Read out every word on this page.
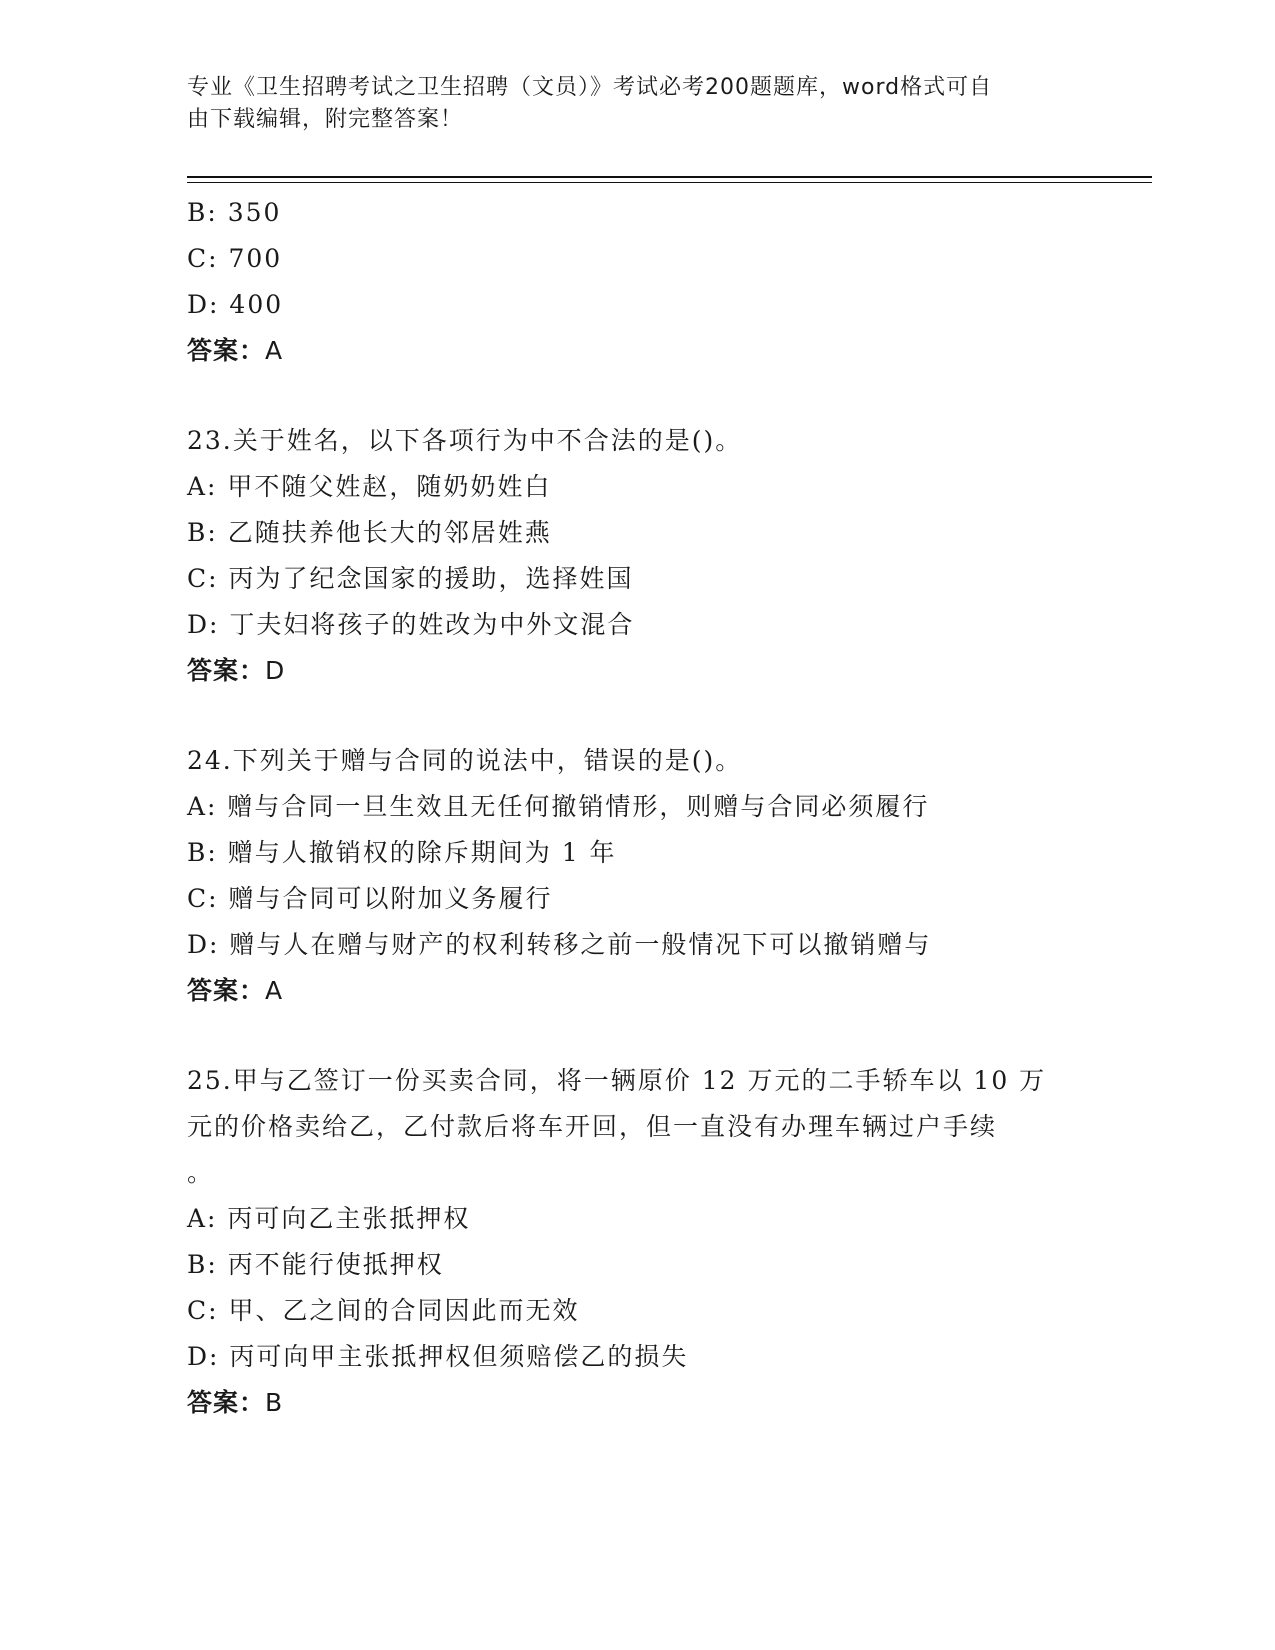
专业《卫生招聘考试之卫生招聘（文员）》考试必考200题题库，word格式可自
由下载编辑，附完整答案！
B: 350
C: 700
D: 400
答案：A
23.关于姓名，以下各项行为中不合法的是()。
A: 甲不随父姓赵，随奶奶姓白
B: 乙随扶养他长大的邻居姓燕
C: 丙为了纪念国家的援助，选择姓国
D: 丁夫妇将孩子的姓改为中外文混合
答案：D
24.下列关于赠与合同的说法中，错误的是()。
A: 赠与合同一旦生效且无任何撤销情形，则赠与合同必须履行
B: 赠与人撤销权的除斥期间为 1 年
C: 赠与合同可以附加义务履行
D: 赠与人在赠与财产的权利转移之前一般情况下可以撤销赠与
答案：A
25.甲与乙签订一份买卖合同，将一辆原价 12 万元的二手轿车以 10 万
元的价格卖给乙，乙付款后将车开回，但一直没有办理车辆过户手续
。
A: 丙可向乙主张抵押权
B: 丙不能行使抵押权
C: 甲、乙之间的合同因此而无效
D: 丙可向甲主张抵押权但须赔偿乙的损失
答案：B
